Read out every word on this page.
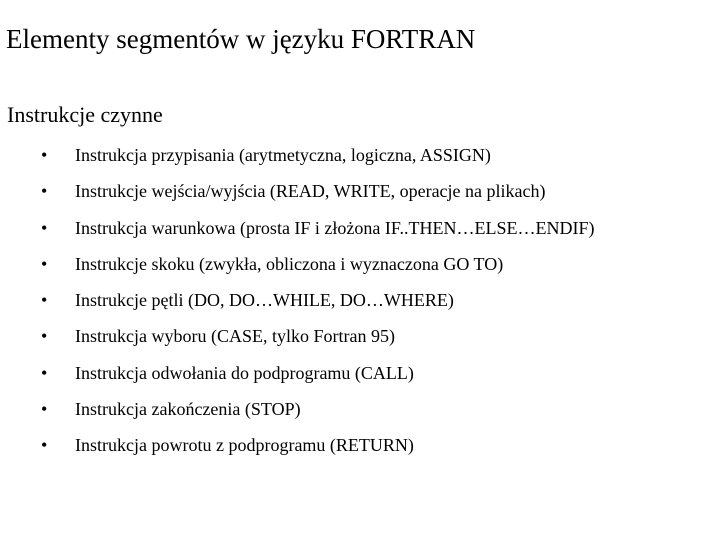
Elementy segmentów w języku FORTRAN
Instrukcje czynne
• Instrukcja przypisania (arytmetyczna, logiczna, ASSIGN)
• Instrukcje wejścia/wyjścia (READ, WRITE, operacje na plikach)
• Instrukcja warunkowa (prosta IF i złożona IF..THEN…ELSE…ENDIF)
• Instrukcje skoku (zwykła, obliczona i wyznaczona GO TO)
• Instrukcje pętli (DO, DO…WHILE, DO…WHERE)
• Instrukcja wyboru (CASE, tylko Fortran 95)
• Instrukcja odwołania do podprogramu (CALL)
• Instrukcja zakończenia (STOP)
• Instrukcja powrotu z podprogramu (RETURN)
